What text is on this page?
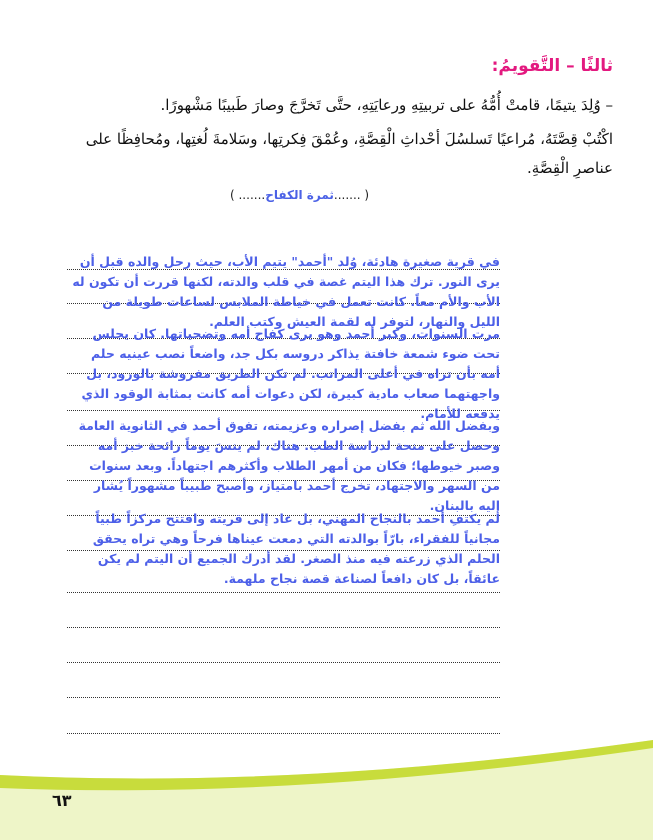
ثالثًا – التَّقويمُ:
– وُلِدَ يتيمًا، قامتْ أُمُّهُ على تربيتِهِ ورعايَتِهِ، حتَّى تَخرَّجَ وصارَ طَبيبًا مَشْهورًا.
اكْتُبْ قِصَّتَهُ، مُراعيًا تَسلسُلَ أحْداثِ الْقِصَّةِ، وعُمْقَ فِكرتِها، وسَلامةَ لُغتِها، ومُحافِظًا على عناصرِ الْقِصَّةِ.
( .......ثمرة الكفاح....... )
في قرية صغيرة هادئة، وُلد "أحمد" يتيم الأب، حيث رحل والده قبل أن يرى النور. ترك هذا اليتم غصة في قلب والدته، لكنها قررت أن تكون له الأب والأم معاً. كانت تعمل في خياطة الملابس لساعات طويلة من الليل والنهار، لتوفر له لقمة العيش وكتب العلم.
مرت السنوات، وكبر أحمد وهو يرى كفاح أمه وتضحياتها. كان يجلس تحت ضوء شمعة خافتة يذاكر دروسه بكل جد، واضعاً نصب عينيه حلم أمه بأن تراه في أعلى المراتب. لم تكن الطريق مفروشة بالورود، بل واجهتهما صعاب مادية كبيرة، لكن دعوات أمه كانت بمثابة الوقود الذي يدفعه للأمام.
وبفضل الله ثم بفضل إصراره وعزيمته، تفوق أحمد في الثانوية العامة وحصل على منحة لدراسة الطب. هناك، لم ينسَ يوماً رائحة خبز أمه وصبر خيوطها؛ فكان من أمهر الطلاب وأكثرهم اجتهاداً. وبعد سنوات من السهر والاجتهاد، تخرج أحمد بامتياز، وأصبح طبيباً مشهوراً يُشار إليه بالبنان.
لم يكتفِ أحمد بالنجاح المهني، بل عاد إلى قريته وافتتح مركزاً طبياً مجانياً للفقراء، بارّاً بوالدته التي دمعت عيناها فرحاً وهي تراه يحقق الحلم الذي زرعته فيه منذ الصغر. لقد أدرك الجميع أن اليتم لم يكن عائقاً، بل كان دافعاً لصناعة قصة نجاح ملهمة.
٦٣
